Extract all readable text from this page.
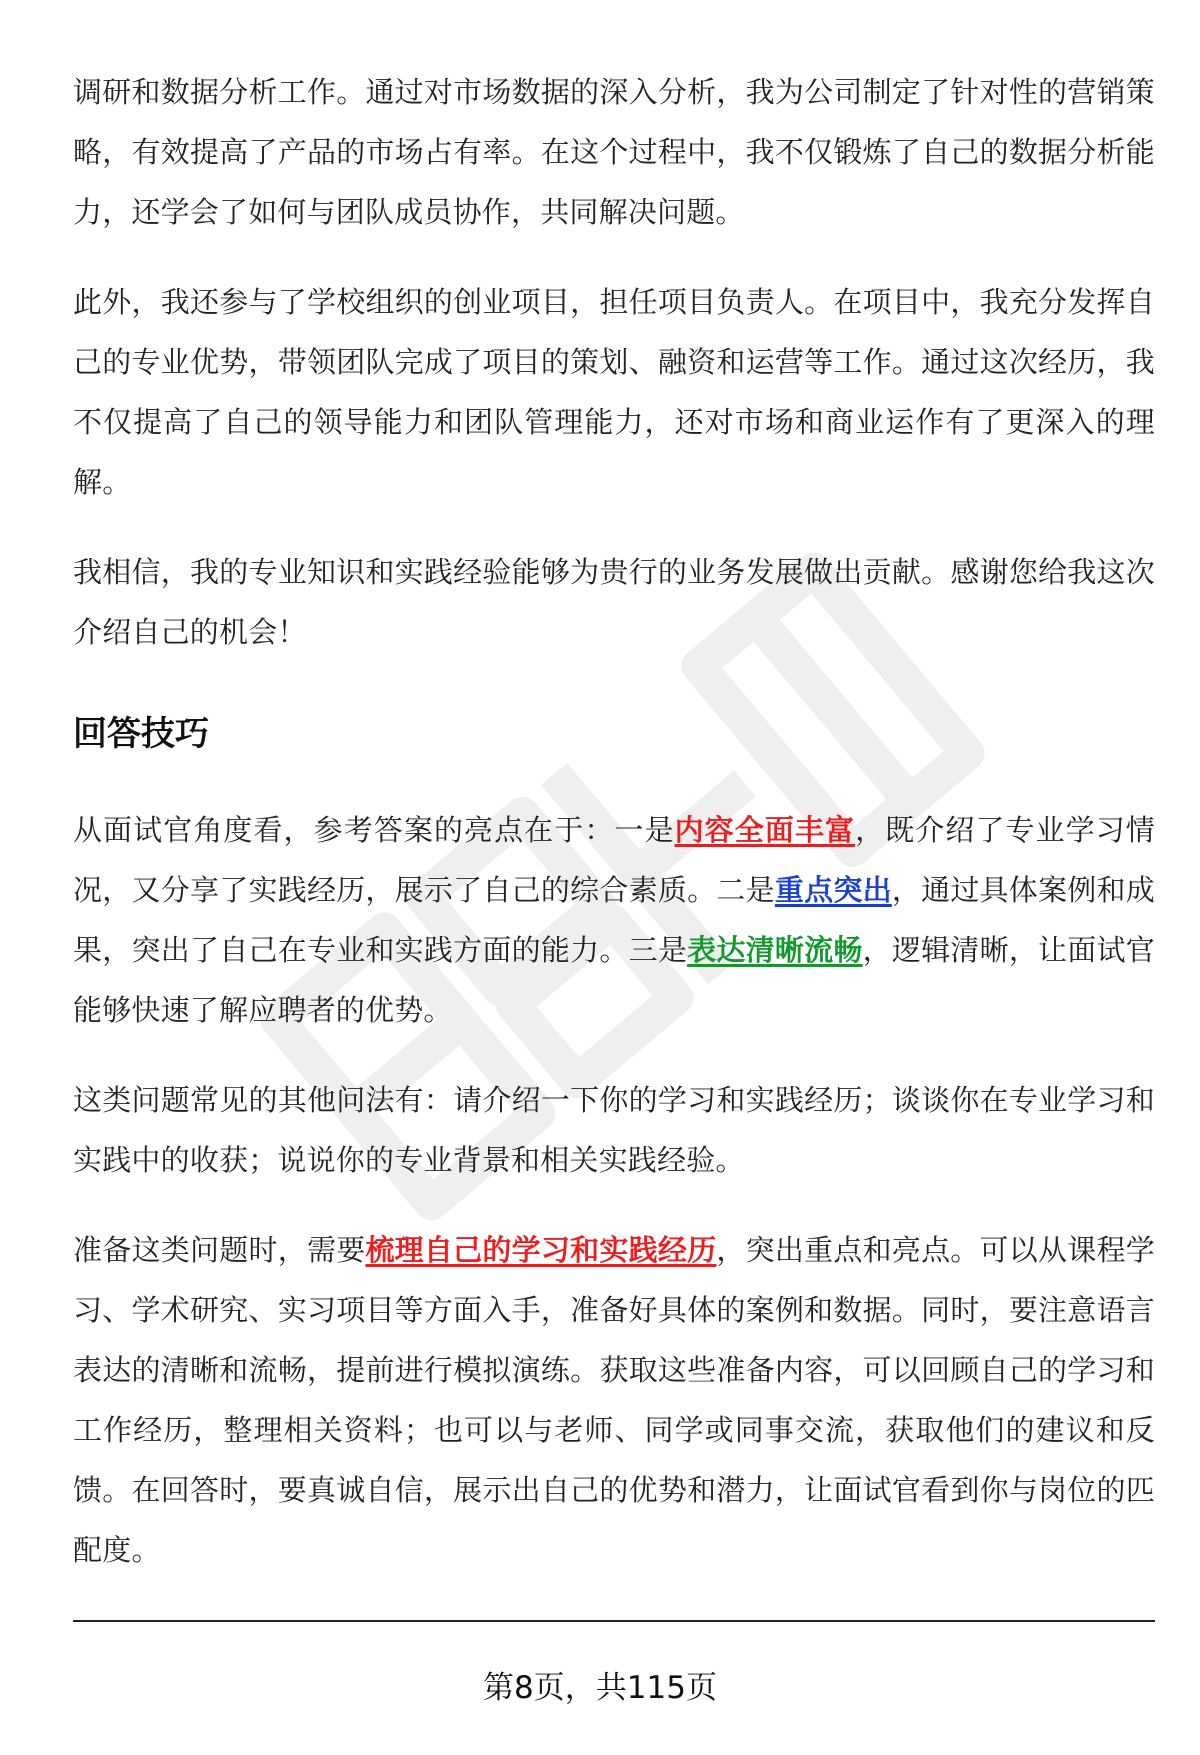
调研和数据分析工作。通过对市场数据的深入分析，我为公司制定了针对性的营销策略，有效提高了产品的市场占有率。在这个过程中，我不仅锻炼了自己的数据分析能力，还学会了如何与团队成员协作，共同解决问题。

此外，我还参与了学校组织的创业项目，担任项目负责人。在项目中，我充分发挥自己的专业优势，带领团队完成了项目的策划、融资和运营等工作。通过这次经历，我不仅提高了自己的领导能力和团队管理能力，还对市场和商业运作有了更深入的理解。

我相信，我的专业知识和实践经验能够为贵行的业务发展做出贡献。感谢您给我这次介绍自己的机会！

回答技巧

从面试官角度看，参考答案的亮点在于：一是内容全面丰富，既介绍了专业学习情况，又分享了实践经历，展示了自己的综合素质。二是重点突出，通过具体案例和成果，突出了自己在专业和实践方面的能力。三是表达清晰流畅，逻辑清晰，让面试官能够快速了解应聘者的优势。

这类问题常见的其他问法有：请介绍一下你的学习和实践经历；谈谈你在专业学习和实践中的收获；说说你的专业背景和相关实践经验。

准备这类问题时，需要梳理自己的学习和实践经历，突出重点和亮点。可以从课程学习、学术研究、实习项目等方面入手，准备好具体的案例和数据。同时，要注意语言表达的清晰和流畅，提前进行模拟演练。获取这些准备内容，可以回顾自己的学习和工作经历，整理相关资料；也可以与老师、同学或同事交流，获取他们的建议和反馈。在回答时，要真诚自信，展示出自己的优势和潜力，让面试官看到你与岗位的匹配度。

第8页，共115页
